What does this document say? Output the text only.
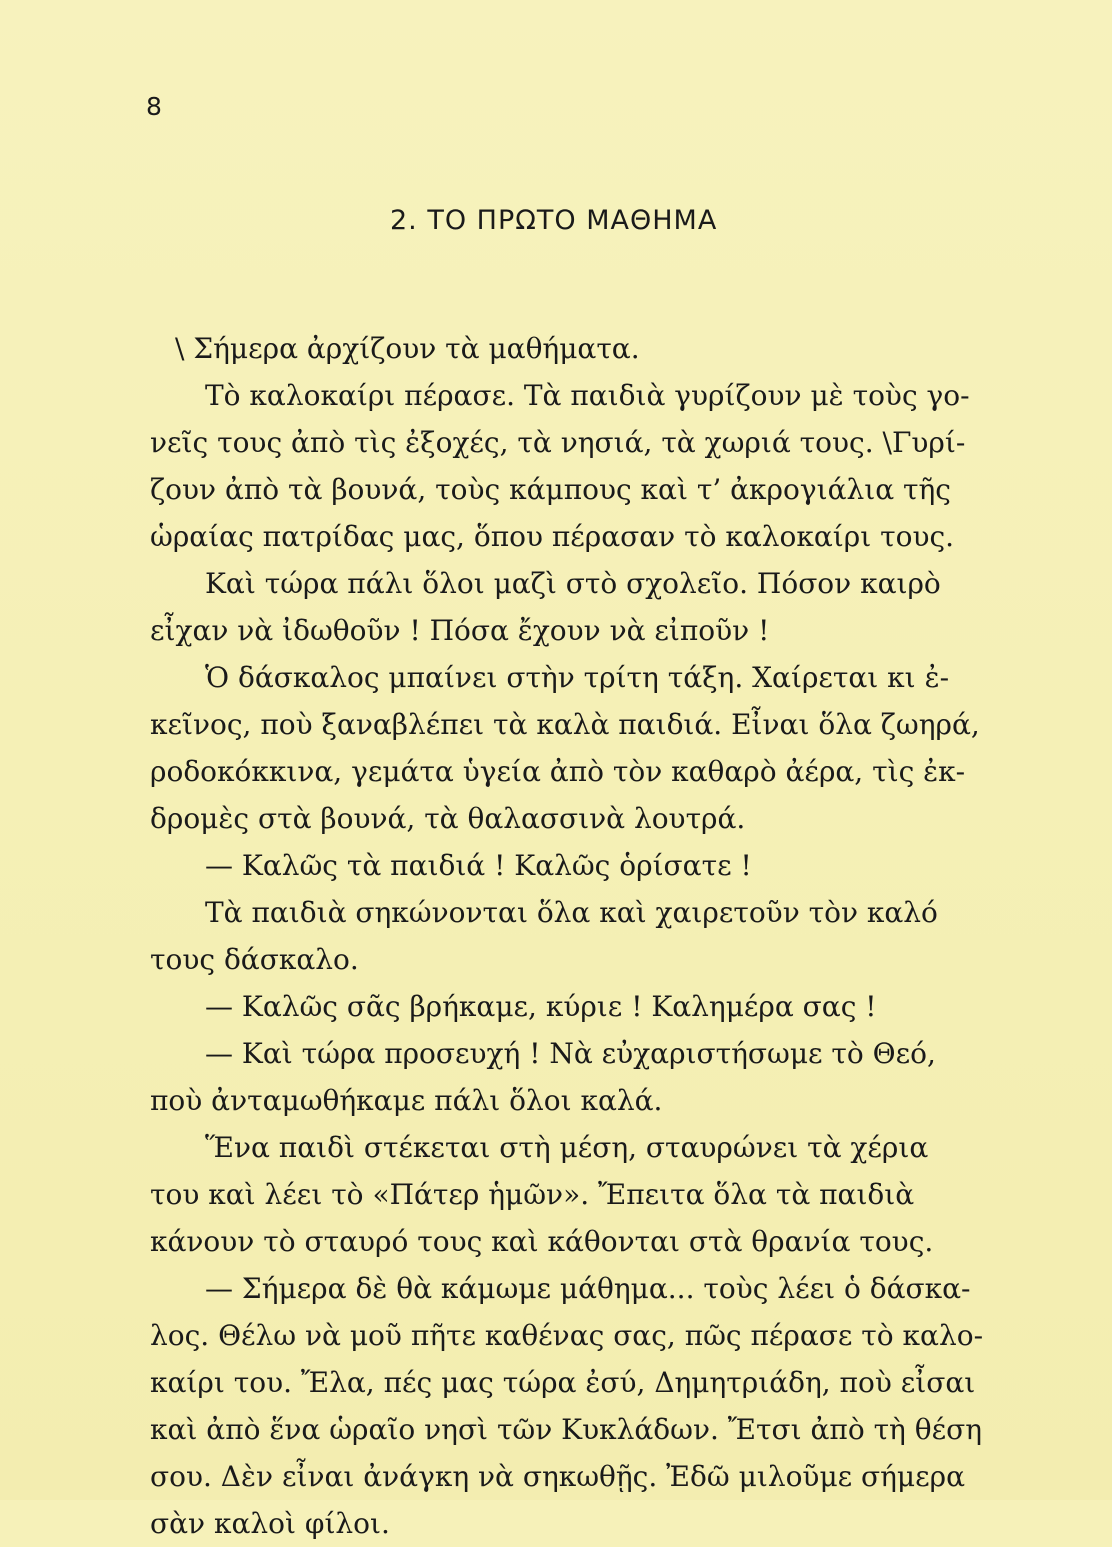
8
2. ΤΟ ΠΡΩΤΟ ΜΑΘΗΜΑ
\ Σήμερα ἀρχίζουν τὰ μαθήματα.
Τὸ καλοκαίρι πέρασε. Τὰ παιδιὰ γυρίζουν μὲ τοὺς γο-
νεῖς τους ἀπὸ τὶς ἐξοχές, τὰ νησιά, τὰ χωριά τους. \Γυρί-
ζουν ἀπὸ τὰ βουνά, τοὺς κάμπους καὶ τ’ ἀκρογιάλια τῆς
ὡραίας πατρίδας μας, ὅπου πέρασαν τὸ καλοκαίρι τους.
Καὶ τώρα πάλι ὅλοι μαζὶ στὸ σχολεῖο. Πόσον καιρὸ
εἶχαν νὰ ἰδωθοῦν ! Πόσα ἔχουν νὰ εἰποῦν !
Ὁ δάσκαλος μπαίνει στὴν τρίτη τάξη. Χαίρεται κι ἐ-
κεῖνος, ποὺ ξαναβλέπει τὰ καλὰ παιδιά. Εἶναι ὅλα ζωηρά,
ροδοκόκκινα, γεμάτα ὑγεία ἀπὸ τὸν καθαρὸ ἀέρα, τὶς ἐκ-
δρομὲς στὰ βουνά, τὰ θαλασσινὰ λουτρά.
— Καλῶς τὰ παιδιά ! Καλῶς ὁρίσατε !
Τὰ παιδιὰ σηκώνονται ὅλα καὶ χαιρετοῦν τὸν καλό
τους δάσκαλο.
— Καλῶς σᾶς βρήκαμε, κύριε ! Καλημέρα σας !
— Καὶ τώρα προσευχή ! Νὰ εὐχαριστήσωμε τὸ Θεό,
ποὺ ἀνταμωθήκαμε πάλι ὅλοι καλά.
Ἕνα παιδὶ στέκεται στὴ μέση, σταυρώνει τὰ χέρια
του καὶ λέει τὸ «Πάτερ ἡμῶν». Ἔπειτα ὅλα τὰ παιδιὰ
κάνουν τὸ σταυρό τους καὶ κάθονται στὰ θρανία τους.
— Σήμερα δὲ θὰ κάμωμε μάθημα... τοὺς λέει ὁ δάσκα-
λος. Θέλω νὰ μοῦ πῆτε καθένας σας, πῶς πέρασε τὸ καλο-
καίρι του. Ἔλα, πές μας τώρα ἐσύ, Δημητριάδη, ποὺ εἶσαι
καὶ ἀπὸ ἕνα ὡραῖο νησὶ τῶν Κυκλάδων. Ἔτσι ἀπὸ τὴ θέση
σου. Δὲν εἶναι ἀνάγκη νὰ σηκωθῇς. Ἐδῶ μιλοῦμε σήμερα
σὰν καλοὶ φίλοι.
